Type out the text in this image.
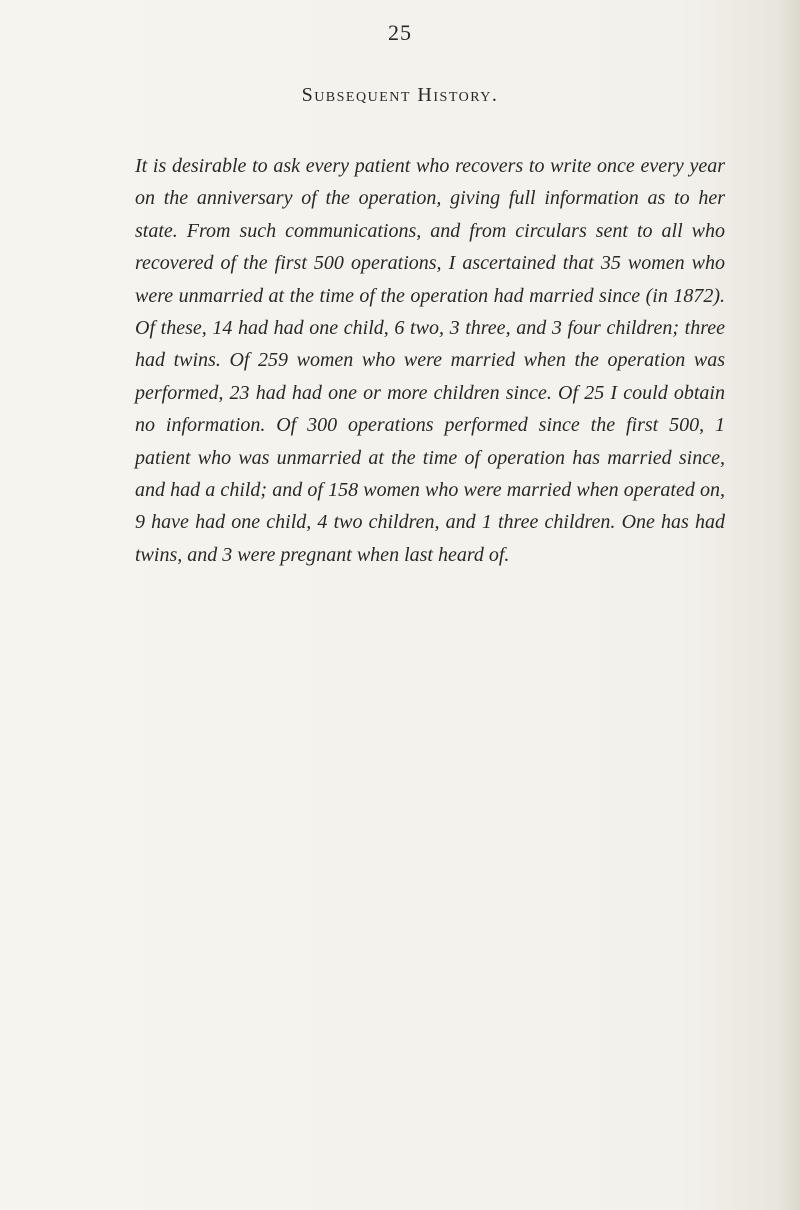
25
Subsequent History.

It is desirable to ask every patient who recovers to write once every year on the anniversary of the operation, giving full information as to her state. From such communications, and from circulars sent to all who recovered of the first 500 operations, I ascertained that 35 women who were unmarried at the time of the operation had married since (in 1872). Of these, 14 had had one child, 6 two, 3 three, and 3 four children; three had twins. Of 259 women who were married when the operation was performed, 23 had had one or more children since. Of 25 I could obtain no information. Of 300 operations performed since the first 500, 1 patient who was unmarried at the time of operation has married since, and had a child; and of 158 women who were married when operated on, 9 have had one child, 4 two children, and 1 three children. One has had twins, and 3 were pregnant when last heard of.
